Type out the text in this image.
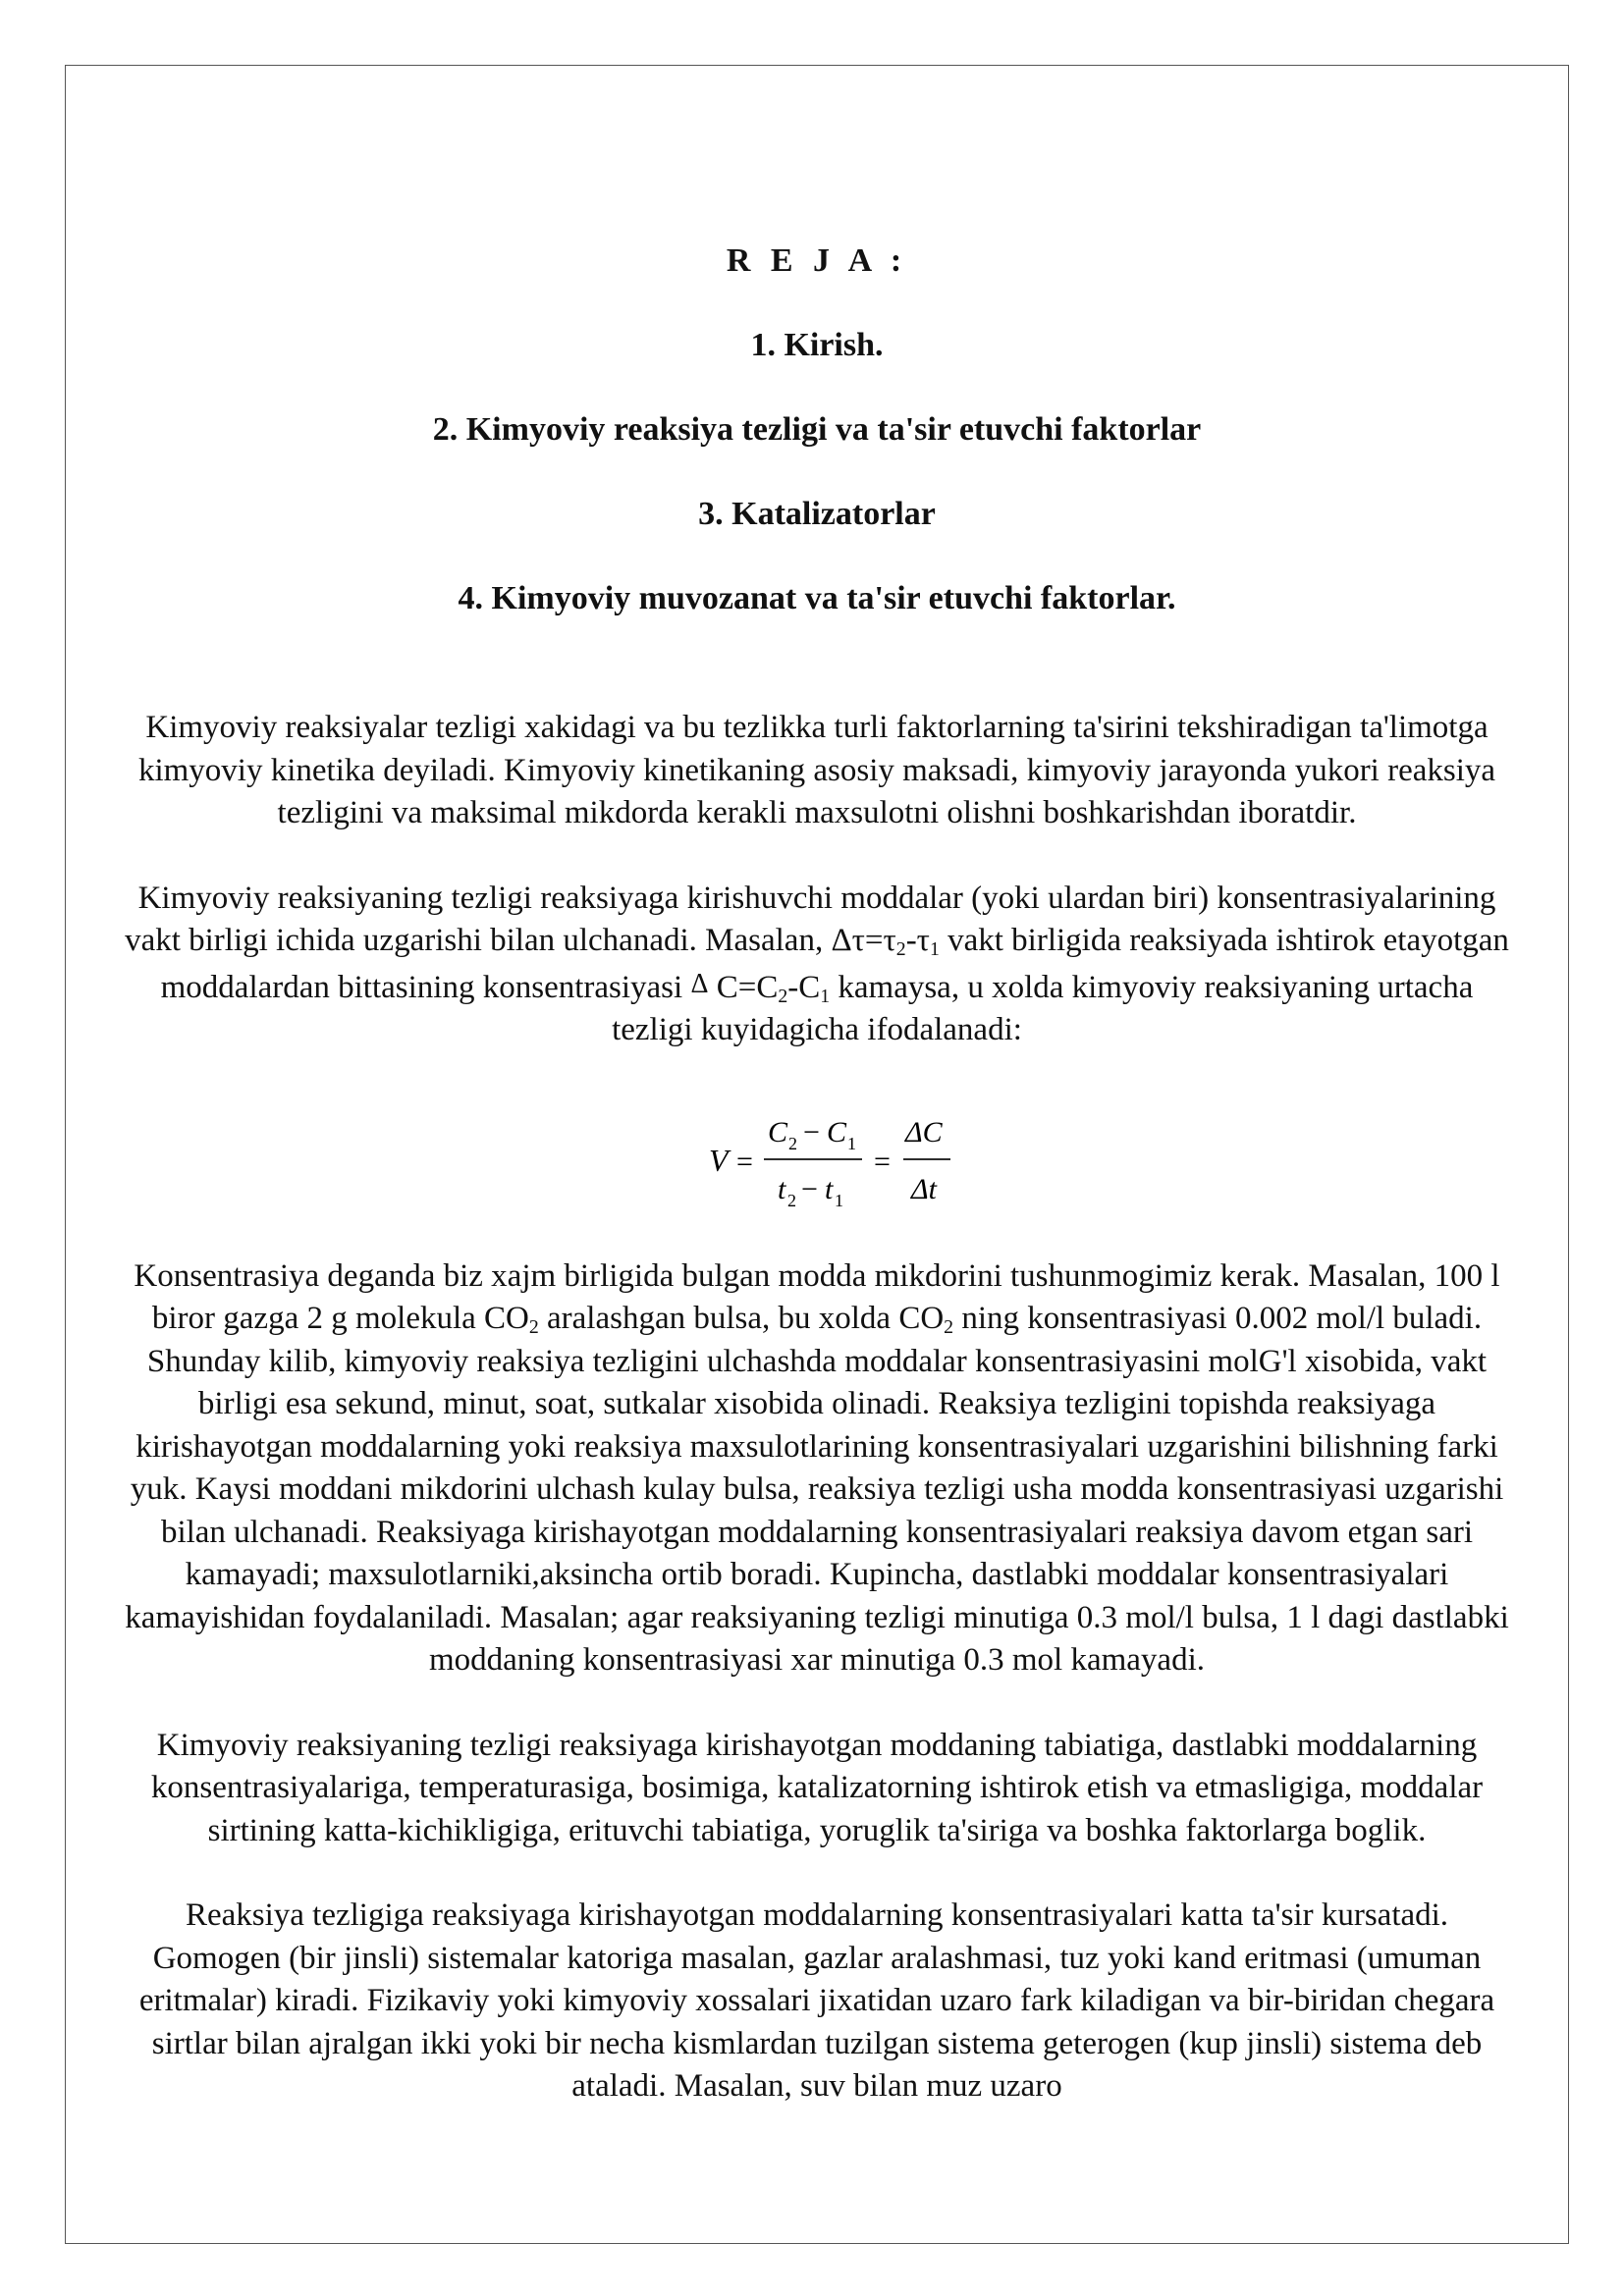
R E J A :
1. Kirish.
2. Kimyoviy reaksiya tezligi va ta'sir etuvchi faktorlar
3. Katalizatorlar
4. Kimyoviy muvozanat va ta'sir etuvchi faktorlar.

Kimyoviy reaksiyalar tezligi xakidagi va bu tezlikka turli faktorlarning ta'sirini tekshiradigan ta'limotga kimyoviy kinetika deyiladi. Kimyoviy kinetikaning asosiy maksadi, kimyoviy jarayonda yukori reaksiya tezligini va maksimal mikdorda kerakli maxsulotni olishni boshkarishdan iboratdir.

Kimyoviy reaksiyaning tezligi reaksiyaga kirishuvchi moddalar (yoki ulardan biri) konsentrasiyalarining vakt birligi ichida uzgarishi bilan ulchanadi. Masalan, $\Delta\tau=\tau_2-\tau_1$ vakt birligida reaksiyada ishtirok etayotgan moddalardan bittasining konsentrasiyasi Δ $C=C_2-C_1$ kamaysa, u xolda kimyoviy reaksiyaning urtacha tezligi kuyidagicha ifodalanadi:

V =
C 2 − C 1
t 2 − t 1
=
ΔC
Δt

Konsentrasiya deganda biz xajm birligida bulgan modda mikdorini tushunmogimiz kerak. Masalan, 100 l biror gazga 2 g molekula $CO_2$ aralashgan bulsa, bu xolda $CO_2$ ning konsentrasiyasi 0.002 mol/l buladi. Shunday kilib, kimyoviy reaksiya tezligini ulchashda moddalar konsentrasiyasini molG'l xisobida, vakt birligi esa sekund, minut, soat, sutkalar xisobida olinadi. Reaksiya tezligini topishda reaksiyaga kirishayotgan moddalarning yoki reaksiya maxsulotlarining konsentrasiyalari uzgarishini bilishning farki yuk. Kaysi moddani mikdorini ulchash kulay bulsa, reaksiya tezligi usha modda konsentrasiyasi uzgarishi bilan ulchanadi. Reaksiyaga kirishayotgan moddalarning konsentrasiyalari reaksiya davom etgan sari kamayadi; maxsulotlarniki,aksincha ortib boradi. Kupincha, dastlabki moddalar konsentrasiyalari kamayishidan foydalaniladi. Masalan; agar reaksiyaning tezligi minutiga 0.3 mol/l bulsa, 1 l dagi dastlabki moddaning konsentrasiyasi xar minutiga 0.3 mol kamayadi.

Kimyoviy reaksiyaning tezligi reaksiyaga kirishayotgan moddaning tabiatiga, dastlabki moddalarning konsentrasiyalariga, temperaturasiga, bosimiga, katalizatorning ishtirok etish va etmasligiga, moddalar sirtining katta-kichikligiga, erituvchi tabiatiga, yoruglik ta'siriga va boshka faktorlarga boglik.

Reaksiya tezligiga reaksiyaga kirishayotgan moddalarning konsentrasiyalari katta ta'sir kursatadi. Gomogen (bir jinsli) sistemalar katoriga masalan, gazlar aralashmasi, tuz yoki kand eritmasi (umuman eritmalar) kiradi. Fizikaviy yoki kimyoviy xossalari jixatidan uzaro fark kiladigan va bir-biridan chegara sirtlar bilan ajralgan ikki yoki bir necha kismlardan tuzilgan sistema geterogen (kup jinsli) sistema deb ataladi. Masalan, suv bilan muz uzaro
